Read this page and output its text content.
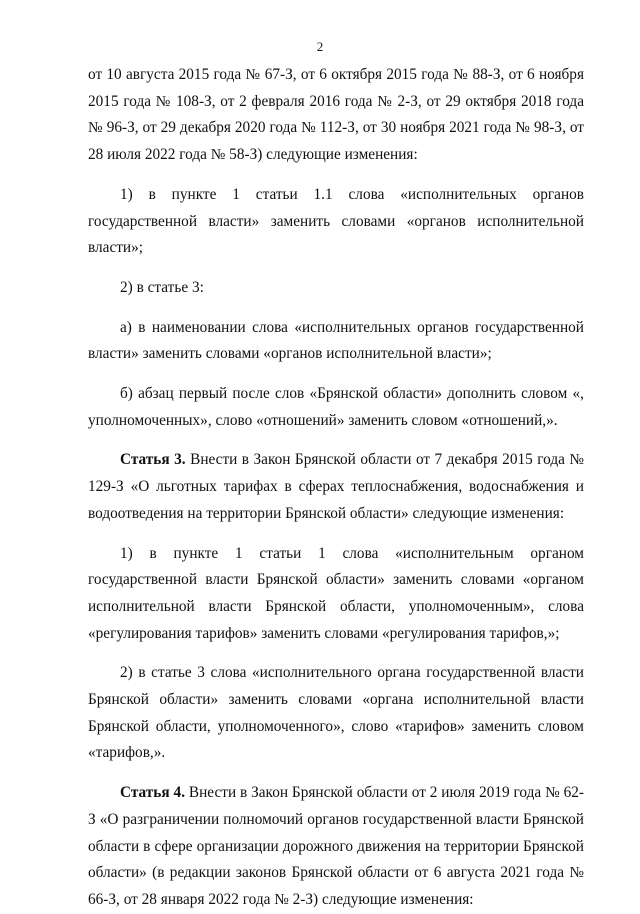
2

от 10 августа 2015 года № 67-З, от 6 октября 2015 года № 88-З, от 6 ноября 2015 года № 108-З, от 2 февраля 2016 года № 2-З, от 29 октября 2018 года № 96-З, от 29 декабря 2020 года № 112-З, от 30 ноября 2021 года № 98-З, от 28 июля 2022 года № 58-З) следующие изменения:

1) в пункте 1 статьи 1.1 слова «исполнительных органов государственной власти» заменить словами «органов исполнительной власти»;

2) в статье 3:

а) в наименовании слова «исполнительных органов государственной власти» заменить словами «органов исполнительной власти»;

б) абзац первый после слов «Брянской области» дополнить словом «, уполномоченных», слово «отношений» заменить словом «отношений,».

Статья 3. Внести в Закон Брянской области от 7 декабря 2015 года № 129-З «О льготных тарифах в сферах теплоснабжения, водоснабжения и водоотведения на территории Брянской области» следующие изменения:

1) в пункте 1 статьи 1 слова «исполнительным органом государственной власти Брянской области» заменить словами «органом исполнительной власти Брянской области, уполномоченным», слова «регулирования тарифов» заменить словами «регулирования тарифов,»;

2) в статье 3 слова «исполнительного органа государственной власти Брянской области» заменить словами «органа исполнительной власти Брянской области, уполномоченного», слово «тарифов» заменить словом «тарифов,».

Статья 4. Внести в Закон Брянской области от 2 июля 2019 года № 62-З «О разграничении полномочий органов государственной власти Брянской области в сфере организации дорожного движения на территории Брянской области» (в редакции законов Брянской области от 6 августа 2021 года № 66-З, от 28 января 2022 года № 2-З) следующие изменения:
